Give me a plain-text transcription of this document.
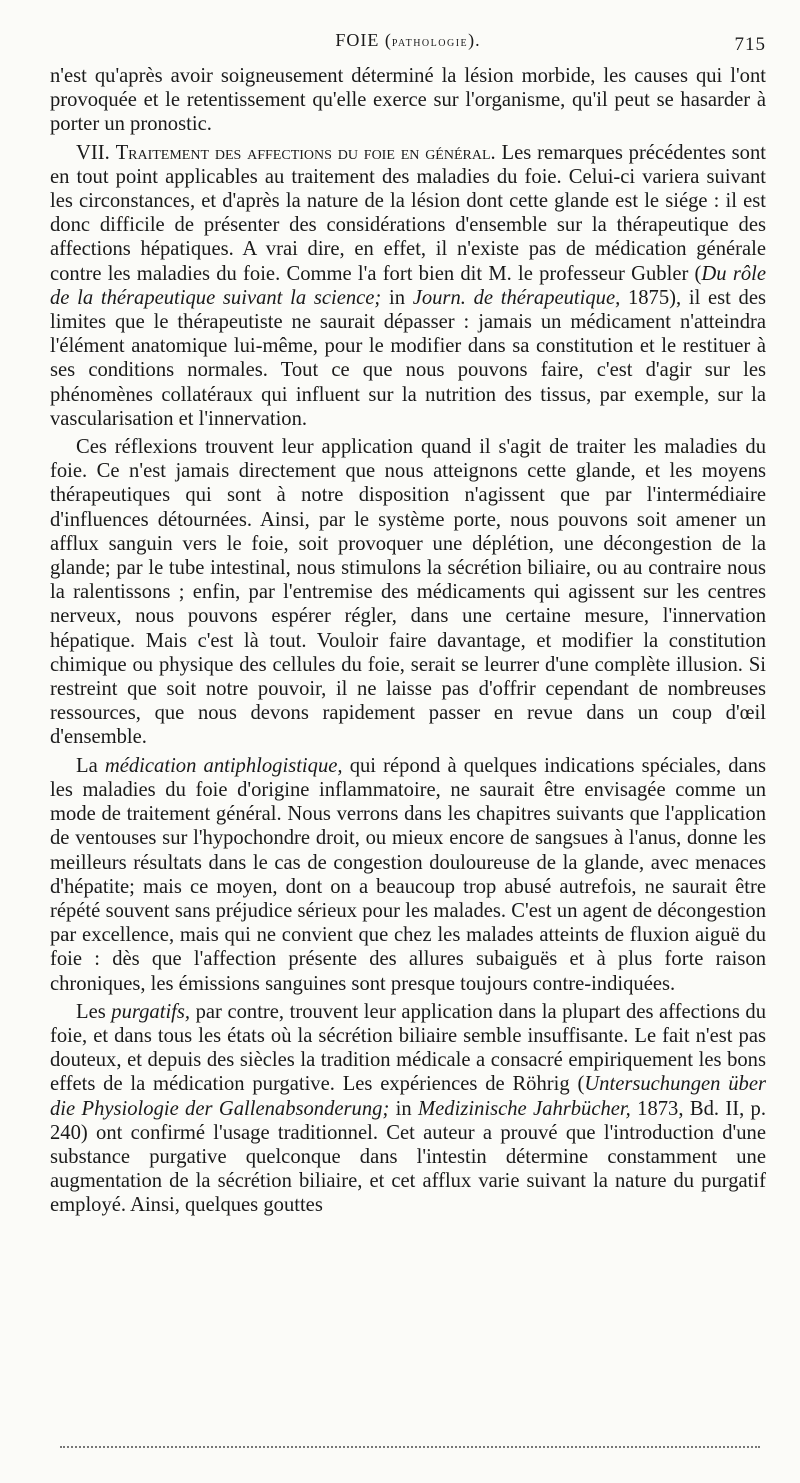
FOIE (pathologie).	715

n'est qu'après avoir soigneusement déterminé la lésion morbide, les causes qui l'ont provoquée et le retentissement qu'elle exerce sur l'organisme, qu'il peut se hasarder à porter un pronostic.

VII. Traitement des affections du foie en général. Les remarques précédentes sont en tout point applicables au traitement des maladies du foie. Celui-ci variera suivant les circonstances, et d'après la nature de la lésion dont cette glande est le siége : il est donc difficile de présenter des considérations d'ensemble sur la thérapeutique des affections hépatiques. A vrai dire, en effet, il n'existe pas de médication générale contre les maladies du foie. Comme l'a fort bien dit M. le professeur Gubler (Du rôle de la thérapeutique suivant la science; in Journ. de thérapeutique, 1875), il est des limites que le thérapeutiste ne saurait dépasser : jamais un médicament n'atteindra l'élément anatomique lui-même, pour le modifier dans sa constitution et le restituer à ses conditions normales. Tout ce que nous pouvons faire, c'est d'agir sur les phénomènes collatéraux qui influent sur la nutrition des tissus, par exemple, sur la vascularisation et l'innervation.

Ces réflexions trouvent leur application quand il s'agit de traiter les maladies du foie. Ce n'est jamais directement que nous atteignons cette glande, et les moyens thérapeutiques qui sont à notre disposition n'agissent que par l'intermédiaire d'influences détournées. Ainsi, par le système porte, nous pouvons soit amener un afflux sanguin vers le foie, soit provoquer une déplétion, une décongestion de la glande; par le tube intestinal, nous stimulons la sécrétion biliaire, ou au contraire nous la ralentissons ; enfin, par l'entremise des médicaments qui agissent sur les centres nerveux, nous pouvons espérer régler, dans une certaine mesure, l'innervation hépatique. Mais c'est là tout. Vouloir faire davantage, et modifier la constitution chimique ou physique des cellules du foie, serait se leurrer d'une complète illusion. Si restreint que soit notre pouvoir, il ne laisse pas d'offrir cependant de nombreuses ressources, que nous devons rapidement passer en revue dans un coup d'œil d'ensemble.

La médication antiphlogistique, qui répond à quelques indications spéciales, dans les maladies du foie d'origine inflammatoire, ne saurait être envisagée comme un mode de traitement général. Nous verrons dans les chapitres suivants que l'application de ventouses sur l'hypochondre droit, ou mieux encore de sangsues à l'anus, donne les meilleurs résultats dans le cas de congestion douloureuse de la glande, avec menaces d'hépatite; mais ce moyen, dont on a beaucoup trop abusé autrefois, ne saurait être répété souvent sans préjudice sérieux pour les malades. C'est un agent de décongestion par excellence, mais qui ne convient que chez les malades atteints de fluxion aiguë du foie : dès que l'affection présente des allures subaiguës et à plus forte raison chroniques, les émissions sanguines sont presque toujours contre-indiquées.

Les purgatifs, par contre, trouvent leur application dans la plupart des affections du foie, et dans tous les états où la sécrétion biliaire semble insuffisante. Le fait n'est pas douteux, et depuis des siècles la tradition médicale a consacré empiriquement les bons effets de la médication purgative. Les expériences de Röhrig (Untersuchungen über die Physiologie der Gallenabsonderung; in Medizinische Jahrbücher, 1873, Bd. II, p. 240) ont confirmé l'usage traditionnel. Cet auteur a prouvé que l'introduction d'une substance purgative quelconque dans l'intestin détermine constamment une augmentation de la sécrétion biliaire, et cet afflux varie suivant la nature du purgatif employé. Ainsi, quelques gouttes
